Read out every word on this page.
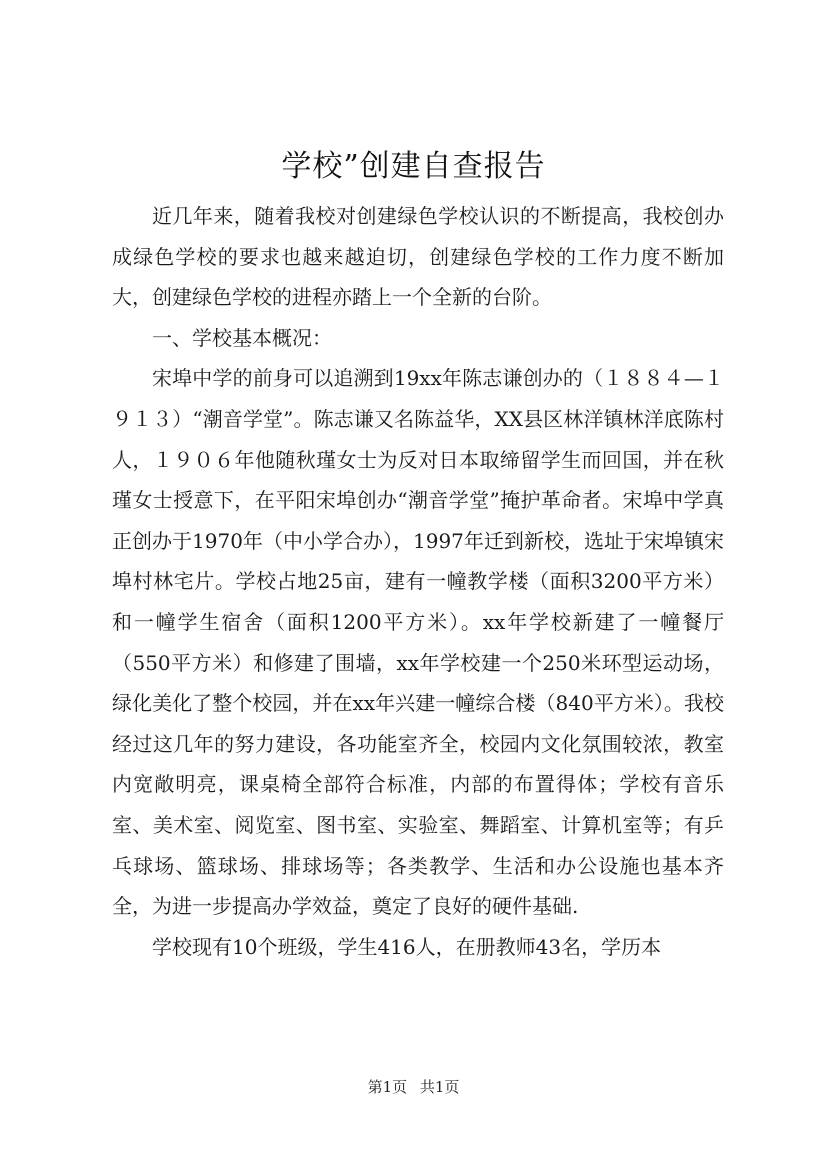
学校”创建自查报告

近几年来，随着我校对创建绿色学校认识的不断提高，我校创办成绿色学校的要求也越来越迫切，创建绿色学校的工作力度不断加大，创建绿色学校的进程亦踏上一个全新的台阶。

一、学校基本概况：

宋埠中学的前身可以追溯到19xx年陈志谦创办的（１８８４—１９１３）“潮音学堂”。陈志谦又名陈益华，XX县区林洋镇林洋底陈村人，１９０６年他随秋瑾女士为反对日本取缔留学生而回国，并在秋瑾女士授意下，在平阳宋埠创办“潮音学堂”掩护革命者。宋埠中学真正创办于1970年（中小学合办），1997年迁到新校，选址于宋埠镇宋埠村林宅片。学校占地25亩，建有一幢教学楼（面积3200平方米）和一幢学生宿舍（面积1200平方米）。xx年学校新建了一幢餐厅（550平方米）和修建了围墙，xx年学校建一个250米环型运动场，绿化美化了整个校园，并在xx年兴建一幢综合楼（840平方米）。我校经过这几年的努力建设，各功能室齐全，校园内文化氛围较浓，教室内宽敞明亮，课桌椅全部符合标准，内部的布置得体；学校有音乐室、美术室、阅览室、图书室、实验室、舞蹈室、计算机室等；有乒乓球场、篮球场、排球场等；各类教学、生活和办公设施也基本齐全，为进一步提高办学效益，奠定了良好的硬件基础.

学校现有10个班级，学生416人，在册教师43名，学历本

第1页 共1页
